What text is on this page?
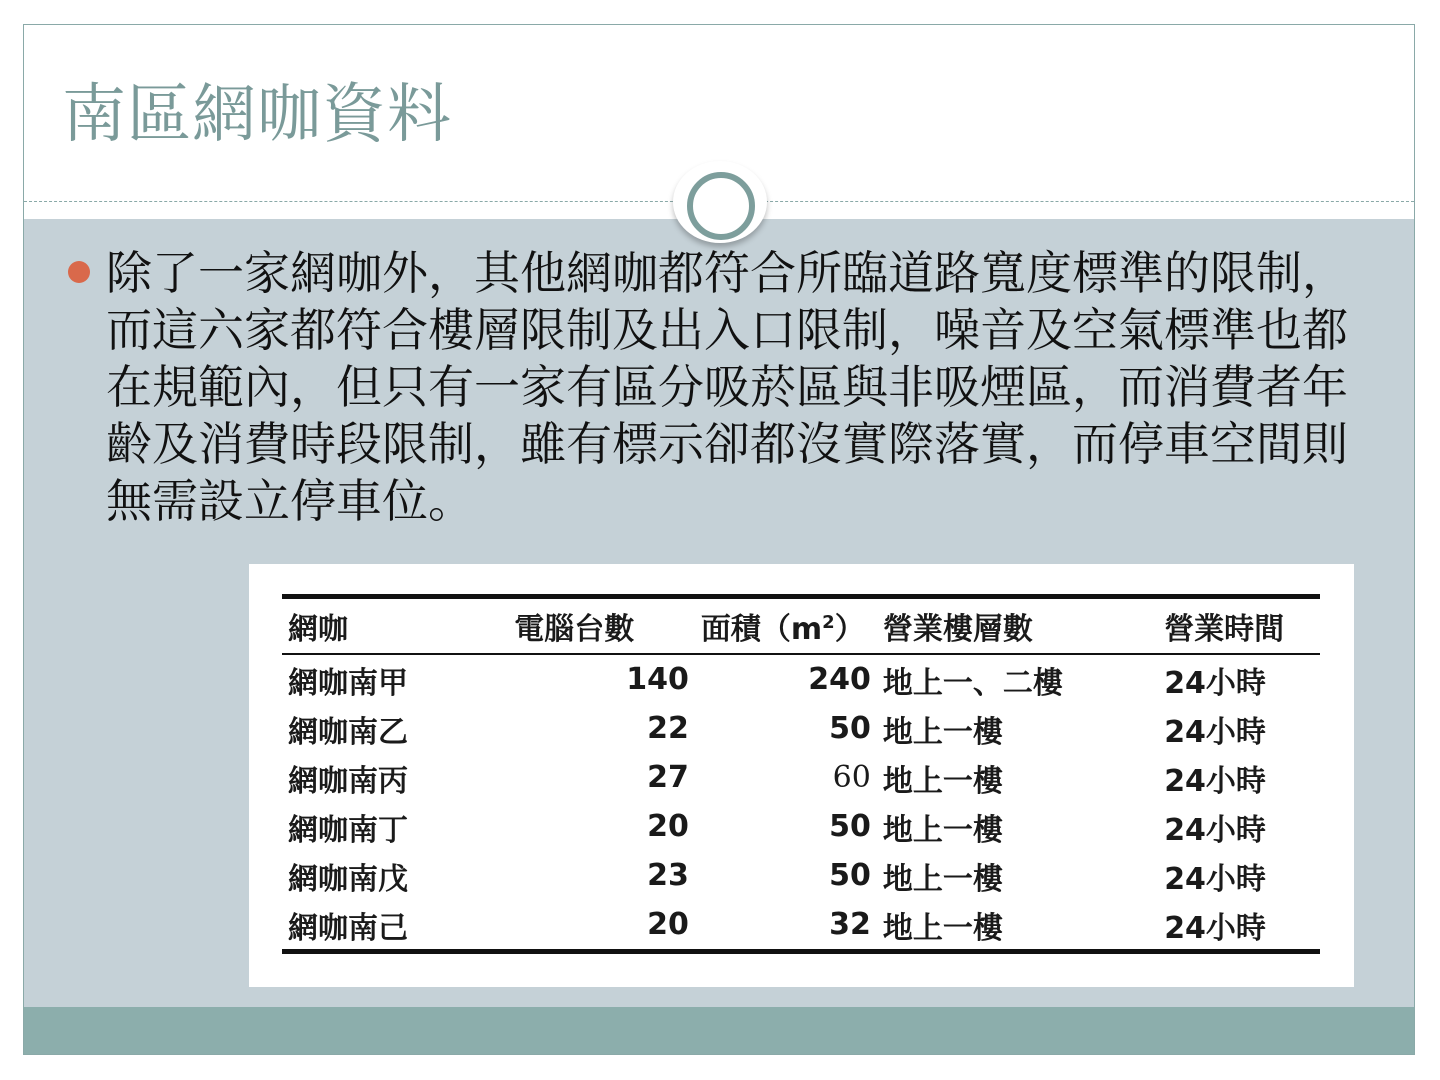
南區網咖資料
除了一家網咖外，其他網咖都符合所臨道路寬度標準的限制，而這六家都符合樓層限制及出入口限制，噪音及空氣標準也都在規範內，但只有一家有區分吸菸區與非吸煙區，而消費者年齡及消費時段限制，雖有標示卻都沒實際落實，而停車空間則無需設立停車位。
網咖	電腦台數	面積$(m^2)$	營業樓層數	營業時間
網咖南甲	140	240	地上一、二樓	24小時
網咖南乙	22	50	地上一樓	24小時
網咖南丙	27	60	地上一樓	24小時
網咖南丁	20	50	地上一樓	24小時
網咖南戊	23	50	地上一樓	24小時
網咖南己	20	32	地上一樓	24小時
